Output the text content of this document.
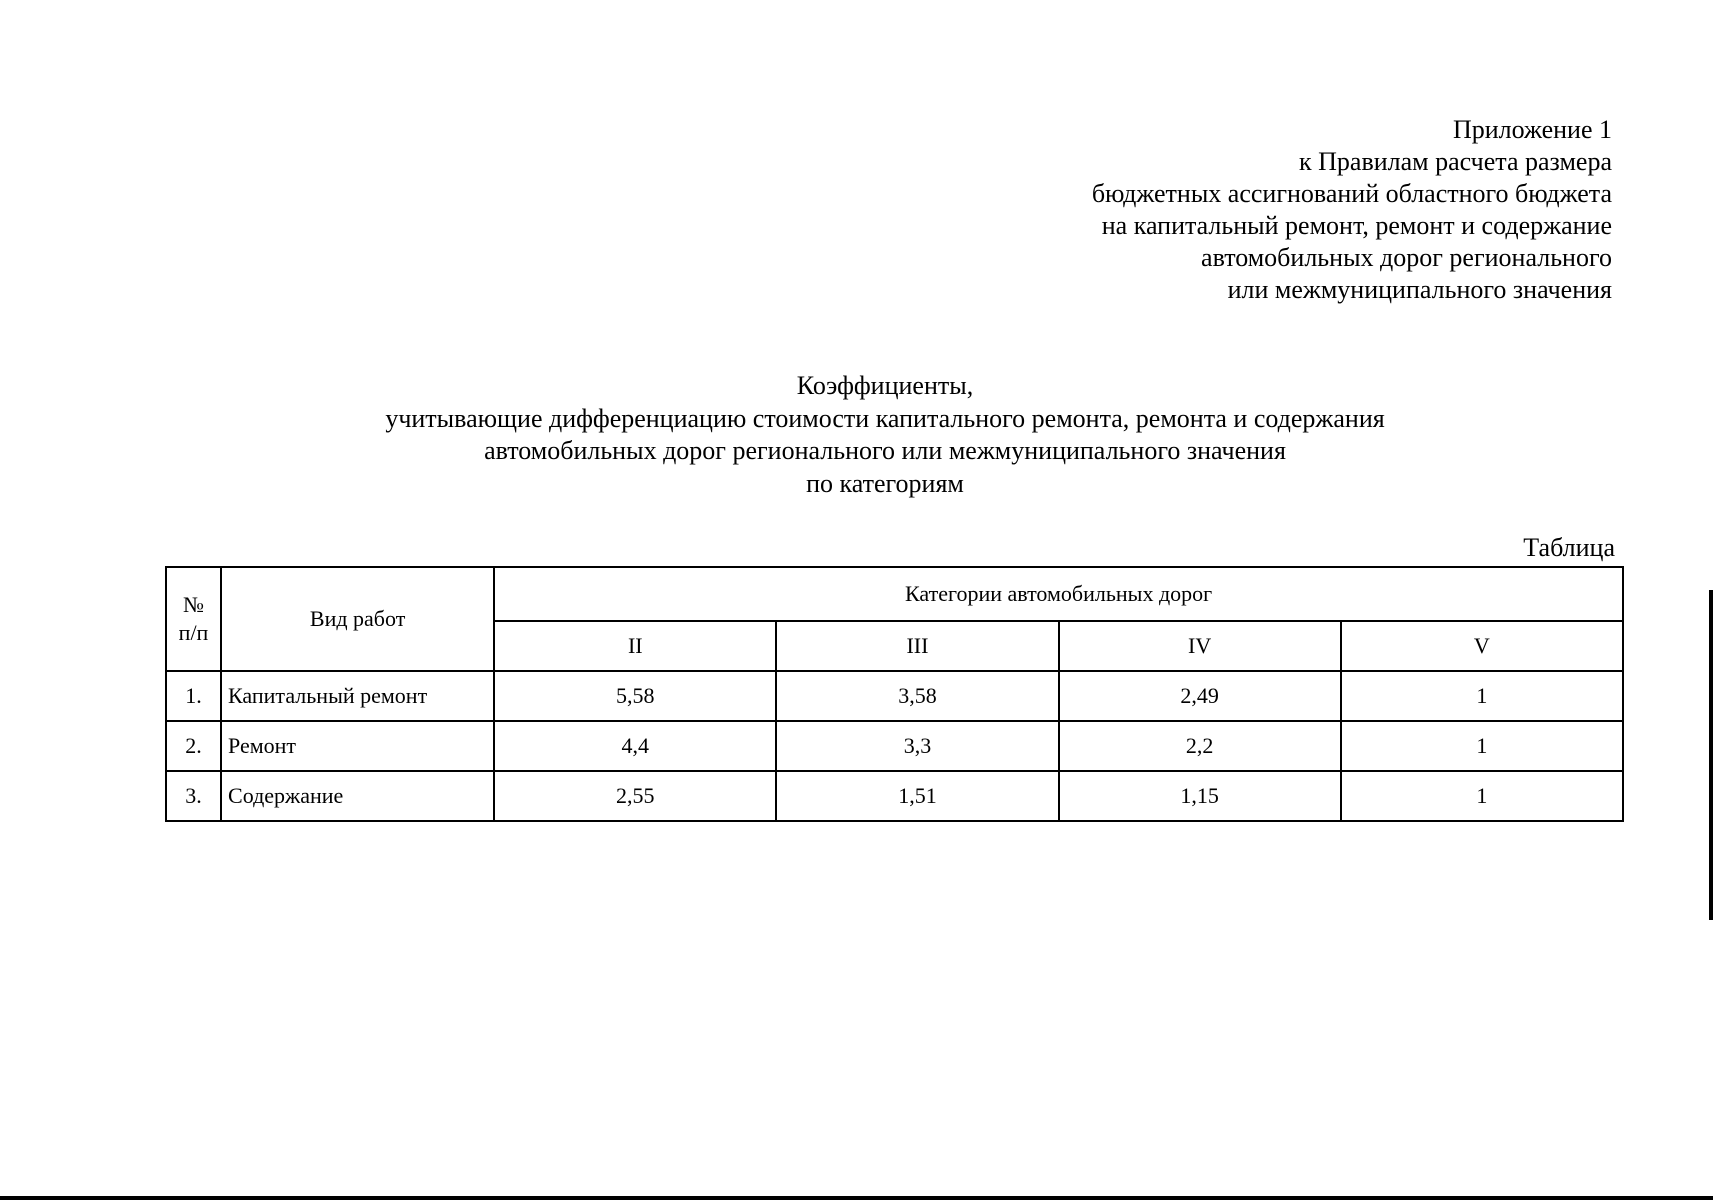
Приложение 1
к Правилам расчета размера
бюджетных ассигнований областного бюджета
на капитальный ремонт, ремонт и содержание
автомобильных дорог регионального
или межмуниципального значения
Коэффициенты,
учитывающие дифференциацию стоимости капитального ремонта, ремонта и содержания
автомобильных дорог регионального или межмуниципального значения
по категориям
Таблица
№
п/п	Вид работ	Категории автомобильных дорог			
		II	III	IV	V
1.	Капитальный ремонт	5,58	3,58	2,49	1
2.	Ремонт	4,4	3,3	2,2	1
3.	Содержание	2,55	1,51	1,15	1
